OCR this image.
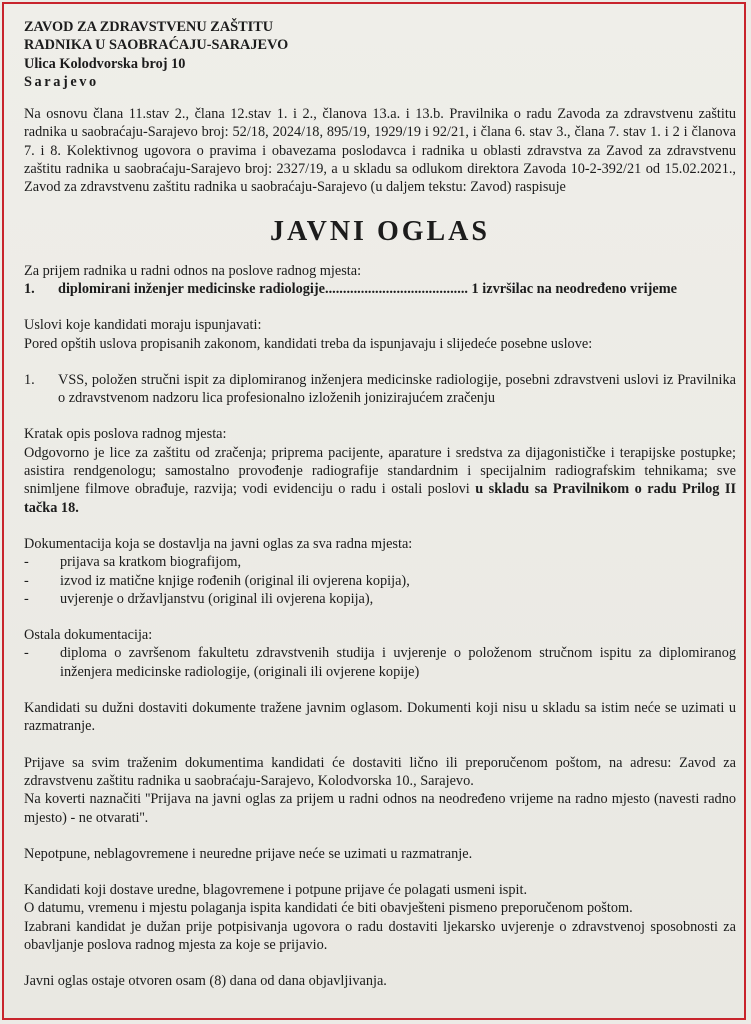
ZAVOD ZA ZDRAVSTVENU ZAŠTITU
RADNIKA U SAOBRAĆAJU-SARAJEVO
Ulica Kolodvorska broj 10
Sarajevo

Na osnovu člana 11.stav 2., člana 12.stav 1. i 2., članova 13.a. i 13.b. Pravilnika o radu Zavoda za zdravstvenu zaštitu radnika u saobraćaju-Sarajevo broj: 52/18, 2024/18, 895/19, 1929/19 i 92/21, i člana 6. stav 3., člana 7. stav 1. i 2 i članova 7. i 8. Kolektivnog ugovora o pravima i obavezama poslodavca i radnika u oblasti zdravstva za Zavod za zdravstvenu zaštitu radnika u saobraćaju-Sarajevo broj: 2327/19, a u skladu sa odlukom direktora Zavoda 10-2-392/21 od 15.02.2021., Zavod za zdravstvenu zaštitu radnika u saobraćaju-Sarajevo (u daljem tekstu: Zavod) raspisuje

JAVNI OGLAS

Za prijem radnika u radni odnos na poslove radnog mjesta:

1.	diplomirani inženjer medicinske radiologije........................................ 1 izvršilac na neodređeno vrijeme

Uslovi koje kandidati moraju ispunjavati:

Pored opštih uslova propisanih zakonom, kandidati treba da ispunjavaju i slijedeće posebne uslove:

1.	VSS, položen stručni ispit za diplomiranog inženjera medicinske radiologije, posebni zdravstveni uslovi iz Pravilnika o zdravstvenom nadzoru lica profesionalno izloženih jonizirajućem zračenju

Kratak opis poslova radnog mjesta:

Odgovorno je lice za zaštitu od zračenja; priprema pacijente, aparature i sredstva za dijagonističke i terapijske postupke; asistira rendgenologu; samostalno provođenje radiografije standardnim i specijalnim radiografskim tehnikama; sve snimljene filmove obrađuje, razvija; vodi evidenciju o radu i ostali poslovi u skladu sa Pravilnikom o radu Prilog II tačka 18.

Dokumentacija koja se dostavlja na javni oglas za sva radna mjesta:

-	prijava sa kratkom biografijom,
-	izvod iz matične knjige rođenih (original ili ovjerena kopija),
-	uvjerenje o državljanstvu (original ili ovjerena kopija),

Ostala dokumentacija:

-	diploma o završenom fakultetu zdravstvenih studija i uvjerenje o položenom stručnom ispitu za diplomiranog inženjera medicinske radiologije, (originali ili ovjerene kopije)

Kandidati su dužni dostaviti dokumente tražene javnim oglasom. Dokumenti koji nisu u skladu sa istim neće se uzimati u razmatranje.

Prijave sa svim traženim dokumentima kandidati će dostaviti lično ili preporučenom poštom, na adresu: Zavod za zdravstvenu zaštitu radnika u saobraćaju-Sarajevo, Kolodvorska 10., Sarajevo.

Na koverti naznačiti ''Prijava na javni oglas za prijem u radni odnos na neodređeno vrijeme na radno mjesto (navesti radno mjesto) - ne otvarati''.

Nepotpune, neblagovremene i neuredne prijave neće se uzimati u razmatranje.

Kandidati koji dostave uredne, blagovremene i potpune prijave će polagati usmeni ispit.

O datumu, vremenu i mjestu polaganja ispita kandidati će biti obavješteni pismeno preporučenom poštom.

Izabrani kandidat je dužan prije potpisivanja ugovora o radu dostaviti ljekarsko uvjerenje o zdravstvenoj sposobnosti za obavljanje poslova radnog mjesta za koje se prijavio.

Javni oglas ostaje otvoren osam (8) dana od dana objavljivanja.
